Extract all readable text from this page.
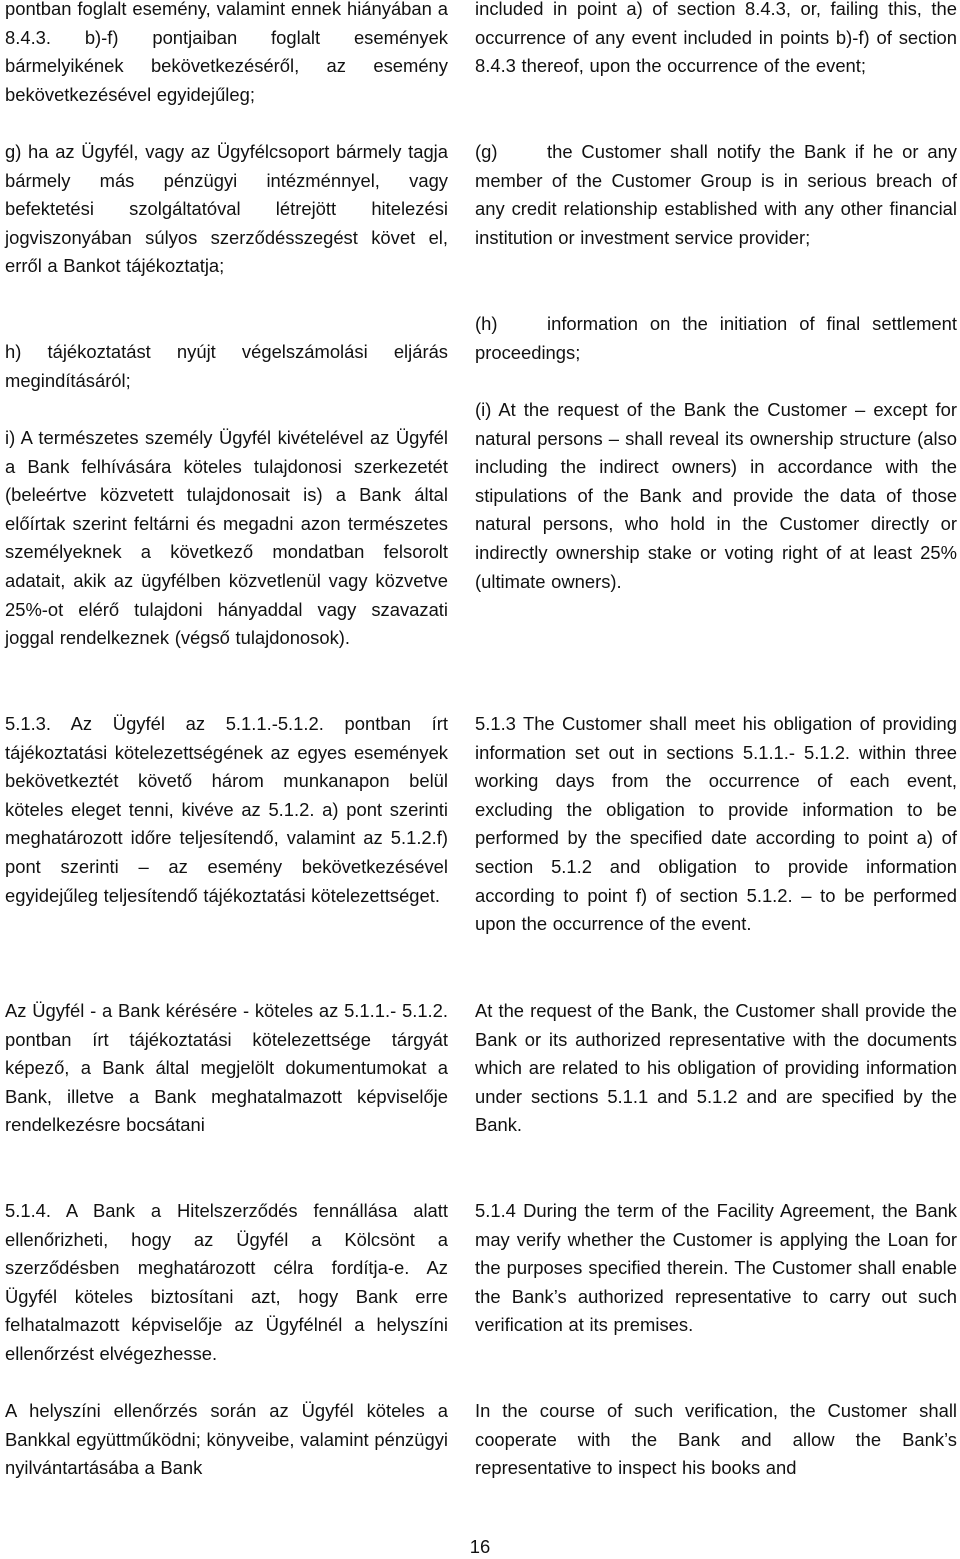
pontban foglalt esemény, valamint ennek hiányában a 8.4.3. b)-f) pontjaiban foglalt események bármelyikének bekövetkezéséről, az esemény bekövetkezésével egyidejűleg;

g) ha az Ügyfél, vagy az Ügyfélcsoport bármely tagja bármely más pénzügyi intézménnyel, vagy befektetési szolgáltatóval létrejött hitelezési jogviszonyában súlyos szerződésszegést követ el, erről a Bankot tájékoztatja;

h) tájékoztatást nyújt végelszámolási eljárás megindításáról;

i) A természetes személy Ügyfél kivételével az Ügyfél a Bank felhívására köteles tulajdonosi szerkezetét (beleértve közvetett tulajdonosait is) a Bank által előírtak szerint feltárni és megadni azon természetes személyeknek a következő mondatban felsorolt adatait, akik az ügyfélben közvetlenül vagy közvetve 25%-ot elérő tulajdoni hányaddal vagy szavazati joggal rendelkeznek (végső tulajdonosok).

5.1.3. Az Ügyfél az 5.1.1.-5.1.2. pontban írt tájékoztatási kötelezettségének az egyes események bekövetkeztét követő három munkanapon belül köteles eleget tenni, kivéve az 5.1.2. a) pont szerinti meghatározott időre teljesítendő, valamint az 5.1.2.f) pont szerinti – az esemény bekövetkezésével egyidejűleg teljesítendő tájékoztatási kötelezettséget.

Az Ügyfél - a Bank kérésére - köteles az 5.1.1.- 5.1.2. pontban írt tájékoztatási kötelezettsége tárgyát képező, a Bank által megjelölt dokumentumokat a Bank, illetve a Bank meghatalmazott képviselője rendelkezésre bocsátani

5.1.4. A Bank a Hitelszerződés fennállása alatt ellenőrizheti, hogy az Ügyfél a Kölcsönt a szerződésben meghatározott célra fordítja-e. Az Ügyfél köteles biztosítani azt, hogy Bank erre felhatalmazott képviselője az Ügyfélnél a helyszíni ellenőrzést elvégezhesse.

A helyszíni ellenőrzés során az Ügyfél köteles a Bankkal együttműködni; könyveibe, valamint pénzügyi nyilvántartásába a Bank

included in point a) of section 8.4.3, or, failing this, the occurrence of any event included in points b)-f) of section 8.4.3 thereof, upon the occurrence of the event;

(g)	the Customer shall notify the Bank if he or any member of the Customer Group is in serious breach of any credit relationship established with any other financial institution or investment service provider;

(h)	information on the initiation of final settlement proceedings;

(i) At the request of the Bank the Customer – except for natural persons – shall reveal its ownership structure (also including the indirect owners) in accordance with the stipulations of the Bank and provide the data of those natural persons, who hold in the Customer directly or indirectly ownership stake or voting right of at least 25% (ultimate owners).

5.1.3 The Customer shall meet his obligation of providing information set out in sections 5.1.1.- 5.1.2. within three working days from the occurrence of each event, excluding the obligation to provide information to be performed by the specified date according to point a) of section 5.1.2 and obligation to provide information according to point f) of section 5.1.2. – to be performed upon the occurrence of the event.

At the request of the Bank, the Customer shall provide the Bank or its authorized representative with the documents which are related to his obligation of providing information under sections 5.1.1 and 5.1.2 and are specified by the Bank.

5.1.4 During the term of the Facility Agreement, the Bank may verify whether the Customer is applying the Loan for the purposes specified therein. The Customer shall enable the Bank’s authorized representative to carry out such verification at its premises.

In the course of such verification, the Customer shall cooperate with the Bank and allow the Bank’s representative to inspect his books and

16
